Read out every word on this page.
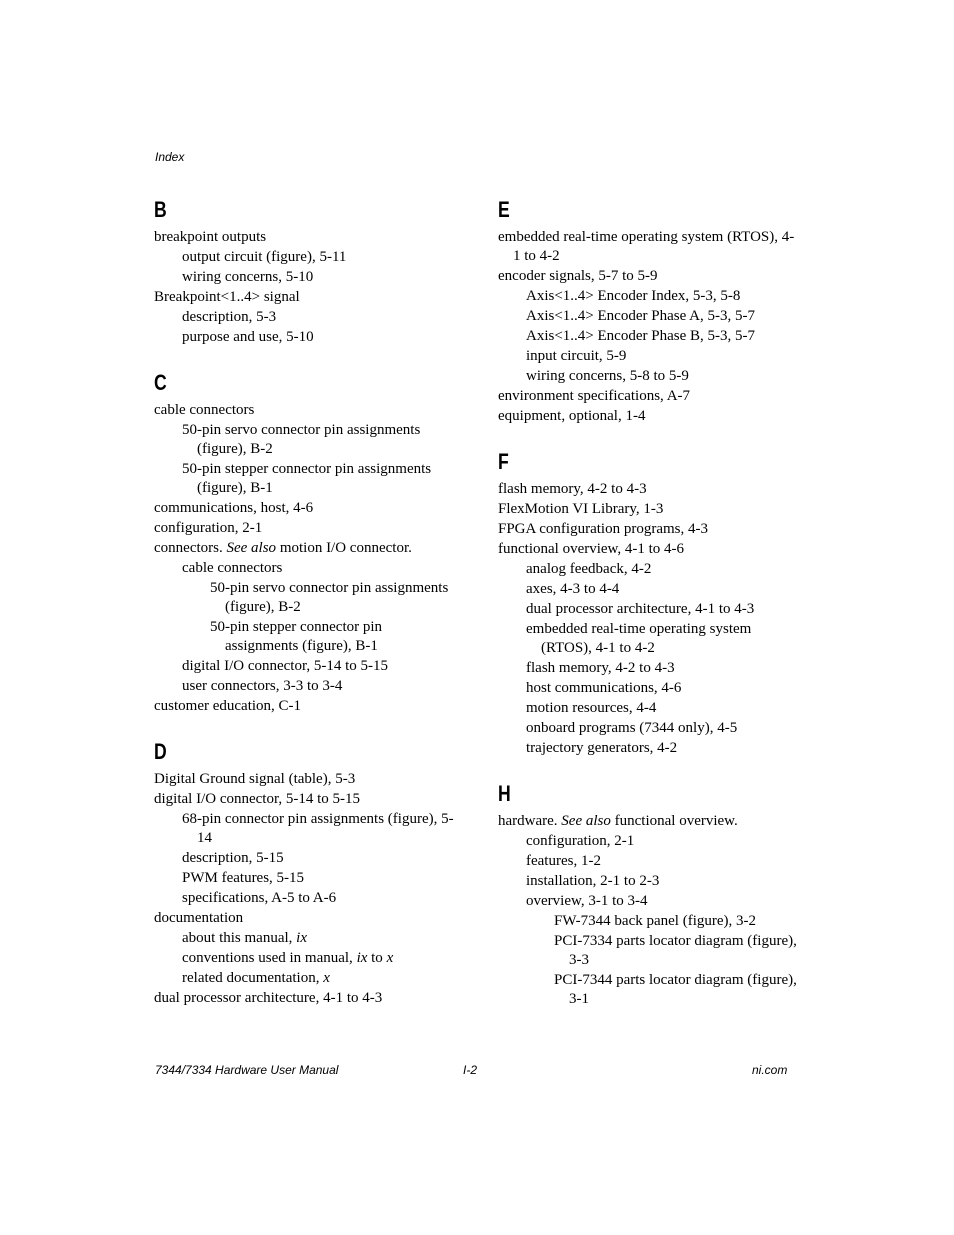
Index
B
breakpoint outputs
output circuit (figure), 5-11
wiring concerns, 5-10
Breakpoint<1..4> signal
description, 5-3
purpose and use, 5-10
C
cable connectors
50-pin servo connector pin assignments (figure), B-2
50-pin stepper connector pin assignments (figure), B-1
communications, host, 4-6
configuration, 2-1
connectors. See also motion I/O connector.
cable connectors
50-pin servo connector pin assignments (figure), B-2
50-pin stepper connector pin assignments (figure), B-1
digital I/O connector, 5-14 to 5-15
user connectors, 3-3 to 3-4
customer education, C-1
D
Digital Ground signal (table), 5-3
digital I/O connector, 5-14 to 5-15
68-pin connector pin assignments (figure), 5-14
description, 5-15
PWM features, 5-15
specifications, A-5 to A-6
documentation
about this manual, ix
conventions used in manual, ix to x
related documentation, x
dual processor architecture, 4-1 to 4-3
E
embedded real-time operating system (RTOS), 4-1 to 4-2
encoder signals, 5-7 to 5-9
Axis<1..4> Encoder Index, 5-3, 5-8
Axis<1..4> Encoder Phase A, 5-3, 5-7
Axis<1..4> Encoder Phase B, 5-3, 5-7
input circuit, 5-9
wiring concerns, 5-8 to 5-9
environment specifications, A-7
equipment, optional, 1-4
F
flash memory, 4-2 to 4-3
FlexMotion VI Library, 1-3
FPGA configuration programs, 4-3
functional overview, 4-1 to 4-6
analog feedback, 4-2
axes, 4-3 to 4-4
dual processor architecture, 4-1 to 4-3
embedded real-time operating system (RTOS), 4-1 to 4-2
flash memory, 4-2 to 4-3
host communications, 4-6
motion resources, 4-4
onboard programs (7344 only), 4-5
trajectory generators, 4-2
H
hardware. See also functional overview.
configuration, 2-1
features, 1-2
installation, 2-1 to 2-3
overview, 3-1 to 3-4
FW-7344 back panel (figure), 3-2
PCI-7334 parts locator diagram (figure), 3-3
PCI-7344 parts locator diagram (figure), 3-1
7344/7334 Hardware User Manual	I-2	ni.com
